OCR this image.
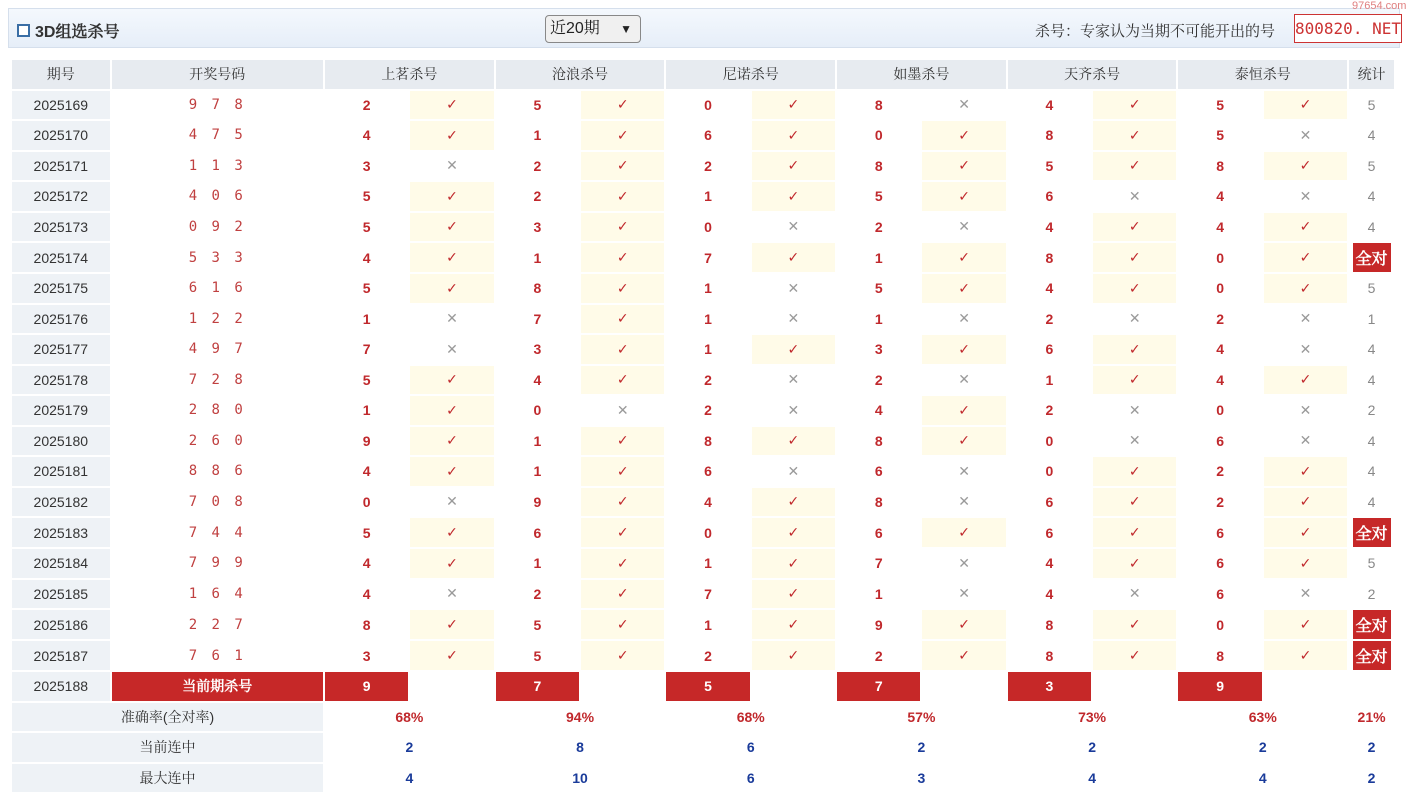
3D组选杀号	近20期 ▼	杀号：专家认为当期不可能开出的号	800820. NET
97654.com
期号	开奖号码	上茗杀号		沧浪杀号		尼诺杀号		如墨杀号		天齐杀号		泰恒杀号		统计
2025169	9 7 8	2	✓	5	✓	0	✓	8	✕	4	✓	5	✓	5
2025170	4 7 5	4	✓	1	✓	6	✓	0	✓	8	✓	5	✕	4
2025171	1 1 3	3	✕	2	✓	2	✓	8	✓	5	✓	8	✓	5
2025172	4 0 6	5	✓	2	✓	1	✓	5	✓	6	✕	4	✕	4
2025173	0 9 2	5	✓	3	✓	0	✕	2	✕	4	✓	4	✓	4
2025174	5 3 3	4	✓	1	✓	7	✓	1	✓	8	✓	0	✓	全对
2025175	6 1 6	5	✓	8	✓	1	✕	5	✓	4	✓	0	✓	5
2025176	1 2 2	1	✕	7	✓	1	✕	1	✕	2	✕	2	✕	1
2025177	4 9 7	7	✕	3	✓	1	✓	3	✓	6	✓	4	✕	4
2025178	7 2 8	5	✓	4	✓	2	✕	2	✕	1	✓	4	✓	4
2025179	2 8 0	1	✓	0	✕	2	✕	4	✓	2	✕	0	✕	2
2025180	2 6 0	9	✓	1	✓	8	✓	8	✓	0	✕	6	✕	4
2025181	8 8 6	4	✓	1	✓	6	✕	6	✕	0	✓	2	✓	4
2025182	7 0 8	0	✕	9	✓	4	✓	8	✕	6	✓	2	✓	4
2025183	7 4 4	5	✓	6	✓	0	✓	6	✓	6	✓	6	✓	全对
2025184	7 9 9	4	✓	1	✓	1	✓	7	✕	4	✓	6	✓	5
2025185	1 6 4	4	✕	2	✓	7	✓	1	✕	4	✕	6	✕	2
2025186	2 2 7	8	✓	5	✓	1	✓	9	✓	8	✓	0	✓	全对
2025187	7 6 1	3	✓	5	✓	2	✓	2	✓	8	✓	8	✓	全对
2025188	当前期杀号	9		7		5		7		3		9		
准确率(全对率)		68%		94%		68%		57%		73%		63%		21%
当前连中		2		8		6		2		2		2		2
最大连中		4		10		6		3		4		4		2
